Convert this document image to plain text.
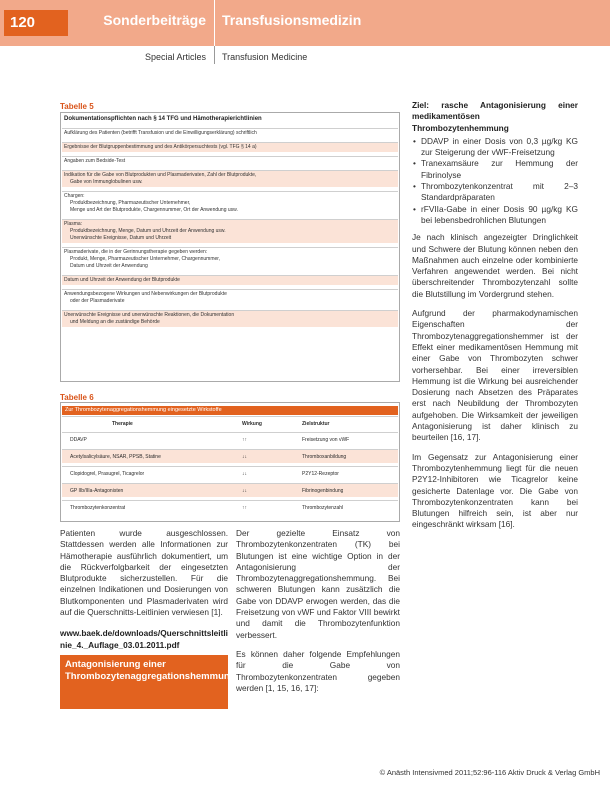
120	Sonderbeiträge Transfusionsmedizin
Special Articles Transfusion Medicine
Tabelle 5
Dokumentationspflichten nach § 14 TFG und Hämotherapierichtlinien
Aufklärung des Patienten (betrifft Transfusion und die Einwilligungserklärung) schriftlich
Ergebnisse der Blutgruppenbestimmung und des Antikörpersuchtests (vgl. TFG § 14 a)
Angaben zum Bedside-Test
Indikation für die Gabe von Blutprodukten und Plasmaderivaten, Zahl der Blutprodukte,
Gabe von Immunglobulinen usw.
Chargen:
Produktbezeichnung, Pharmazeutischer Unternehmer,
Menge und Art der Blutprodukte, Chargennummer, Ort der Anwendung usw.
Plasma:
Produktbezeichnung, Menge, Datum und Uhrzeit der Anwendung usw.
Unerwünschte Ereignisse, Datum und Uhrzeit
Plasmaderivate, die in der Gerinnungstherapie gegeben werden:
Produkt, Menge, Pharmazeutischer Unternehmer, Chargennummer,
Datum und Uhrzeit der Anwendung
Datum und Uhrzeit der Anwendung der Blutprodukte
Anwendungsbezogene Wirkungen und Nebenwirkungen der Blutprodukte
oder der Plasmaderivate
Unerwünschte Ereignisse und unerwünschte Reaktionen, die Dokumentation
und Meldung an die zuständige Behörde
Tabelle 6
Zur Thrombozytenaggregationshemmung eingesetzte Wirkstoffe
Therapie	Wirkung	Zielstruktur
DDAVP	↑↑	Freisetzung von vWF
Acetylsalicylsäure, NSAR, PPSB, Statine	↓↓	Thromboxanbildung
Clopidogrel, Prasugrel, Ticagrelor	↓↓	P2Y12-Rezeptor
GP IIb/IIIa-Antagonisten	↓↓	Fibrinogenbindung
Thrombozytenkonzentrat	↑↑	Thrombozytenzahl

Patienten wurde ausgeschlossen. Stattdessen werden alle Informationen zur Hämotherapie ausführlich dokumentiert, um die Rückverfolgbarkeit der eingesetzten Blutprodukte sicherzustellen. Für die einzelnen Indikationen und Dosierungen von Blutkomponenten und Plasmaderivaten wird auf die Querschnitts-Leitlinien verwiesen [1].

www.baek.de/downloads/Querschnittsleitlinie_4._Auflage_03.01.2011.pdf

Antagonisierung einer Thrombozytenaggregationshemmung

Der gezielte Einsatz von Thrombozytenkonzentraten (TK) bei Blutungen ist eine wichtige Option in der Antagonisierung der Thrombozytenaggregationshemmung. Bei schweren Blutungen kann zusätzlich die Gabe von DDAVP erwogen werden, das die Freisetzung von vWF und Faktor VIII bewirkt und damit die Thrombozytenfunktion verbessert.

Es können daher folgende Empfehlungen für die Gabe von Thrombozytenkonzentraten gegeben werden [1, 15, 16, 17]:

Ziel: rasche Antagonisierung einer medikamentösen Thrombozytenhemmung

• DDAVP in einer Dosis von 0,3 µg/kg KG zur Steigerung der vWF-Freisetzung
• Tranexamsäure zur Hemmung der Fibrinolyse
• Thrombozytenkonzentrat mit 2–3 Standardpräparaten
• rFVIIa-Gabe in einer Dosis 90 µg/kg KG bei lebensbedrohlichen Blutungen

Je nach klinisch angezeigter Dringlichkeit und Schwere der Blutung können neben den Maßnahmen auch einzelne oder kombinierte Verfahren angewendet werden. Bei nicht überschreitender Thrombozytenzahl sollte die Blutstillung im Vordergrund stehen.

Aufgrund der pharmakodynamischen Eigenschaften der Thrombozytenaggregationshemmer ist der Effekt einer medikamentösen Hemmung mit einer Gabe von Thrombozyten schwer vorhersehbar. Bei einer irreversiblen Hemmung ist die Wirkung bei ausreichender Dosierung nach Absetzen des Präparates erst nach Neubildung der Thrombozyten aufgehoben. Die Wirksamkeit der jeweiligen Antagonisierung ist daher klinisch zu beurteilen [16, 17].

Im Gegensatz zur Antagonisierung einer Thrombozytenhemmung liegt für die neuen P2Y12-Inhibitoren wie Ticagrelor keine gesicherte Datenlage vor. Die Gabe von Thrombozytenkonzentraten kann bei Blutungen hilfreich sein, ist aber nur eingeschränkt wirksam [16].

© Anästh Intensivmed 2011;52:96-116 Aktiv Druck & Verlag GmbH
